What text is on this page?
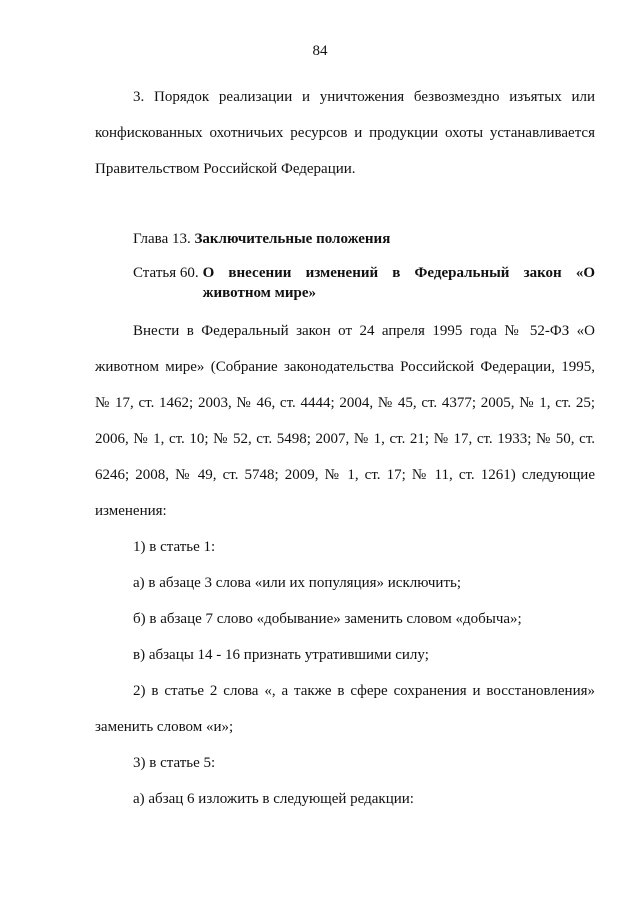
84

3. Порядок реализации и уничтожения безвозмездно изъятых или конфискованных охотничьих ресурсов и продукции охоты устанавливается Правительством Российской Федерации.

Глава 13. Заключительные положения

Статья 60. О внесении изменений в Федеральный закон «О животном мире»

Внести в Федеральный закон от 24 апреля 1995 года № 52-ФЗ «О животном мире» (Собрание законодательства Российской Федерации, 1995, № 17, ст. 1462; 2003, № 46, ст. 4444; 2004, № 45, ст. 4377; 2005, № 1, ст. 25; 2006, № 1, ст. 10; № 52, ст. 5498; 2007, № 1, ст. 21; № 17, ст. 1933; № 50, ст. 6246; 2008, № 49, ст. 5748; 2009, № 1, ст. 17; № 11, ст. 1261) следующие изменения:

1) в статье 1:

а) в абзаце 3 слова «или их популяция» исключить;

б) в абзаце 7 слово «добывание» заменить словом «добыча»;

в) абзацы 14 - 16 признать утратившими силу;

2) в статье 2 слова «, а также в сфере сохранения и восстановления» заменить словом «и»;

3) в статье 5:

а) абзац 6 изложить в следующей редакции:
